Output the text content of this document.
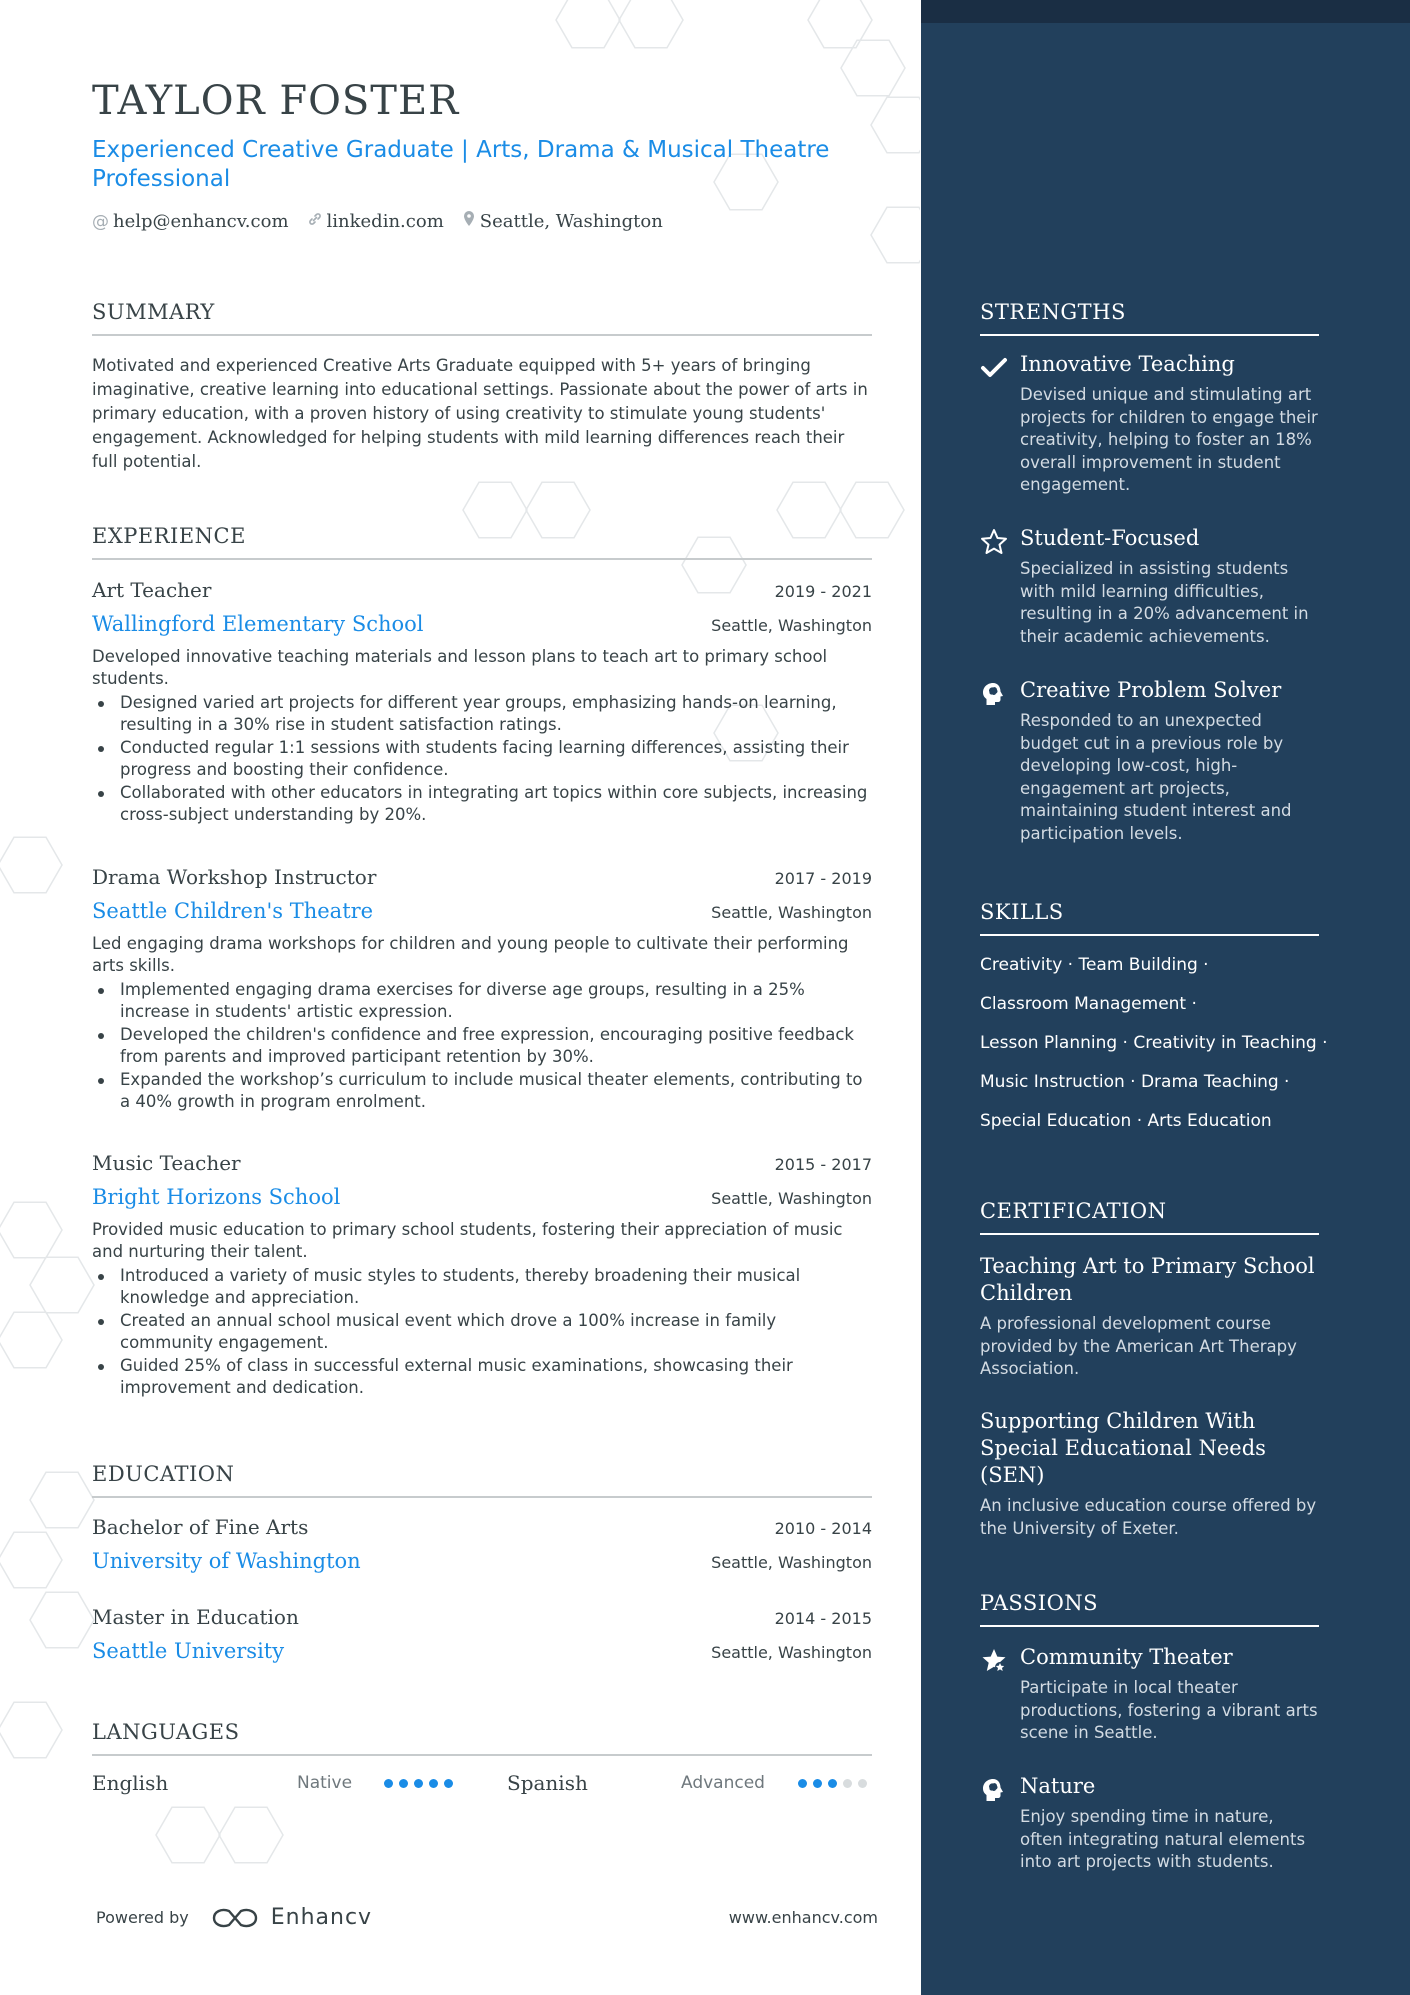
TAYLOR FOSTER
Experienced Creative Graduate | Arts, Drama & Musical Theatre Professional
@ help@enhancv.com linkedin.com Seattle, Washington
SUMMARY
Motivated and experienced Creative Arts Graduate equipped with 5+ years of bringing imaginative, creative learning into educational settings. Passionate about the power of arts in primary education, with a proven history of using creativity to stimulate young students' engagement. Acknowledged for helping students with mild learning differences reach their full potential.
EXPERIENCE
Art Teacher	2019 - 2021
Wallingford Elementary School	Seattle, Washington
Developed innovative teaching materials and lesson plans to teach art to primary school students.
Designed varied art projects for different year groups, emphasizing hands-on learning, resulting in a 30% rise in student satisfaction ratings.
Conducted regular 1:1 sessions with students facing learning differences, assisting their progress and boosting their confidence.
Collaborated with other educators in integrating art topics within core subjects, increasing cross-subject understanding by 20%.
Drama Workshop Instructor	2017 - 2019
Seattle Children's Theatre	Seattle, Washington
Led engaging drama workshops for children and young people to cultivate their performing arts skills.
Implemented engaging drama exercises for diverse age groups, resulting in a 25% increase in students' artistic expression.
Developed the children's confidence and free expression, encouraging positive feedback from parents and improved participant retention by 30%.
Expanded the workshop’s curriculum to include musical theater elements, contributing to a 40% growth in program enrolment.
Music Teacher	2015 - 2017
Bright Horizons School	Seattle, Washington
Provided music education to primary school students, fostering their appreciation of music and nurturing their talent.
Introduced a variety of music styles to students, thereby broadening their musical knowledge and appreciation.
Created an annual school musical event which drove a 100% increase in family community engagement.
Guided 25% of class in successful external music examinations, showcasing their improvement and dedication.
EDUCATION
Bachelor of Fine Arts	2010 - 2014
University of Washington	Seattle, Washington
Master in Education	2014 - 2015
Seattle University	Seattle, Washington
LANGUAGES
English	Native	Spanish	Advanced
Powered by	Enhancv	www.enhancv.com
STRENGTHS
Innovative Teaching
Devised unique and stimulating art projects for children to engage their creativity, helping to foster an 18% overall improvement in student engagement.
Student-Focused
Specialized in assisting students with mild learning difficulties, resulting in a 20% advancement in their academic achievements.
Creative Problem Solver
Responded to an unexpected budget cut in a previous role by developing low-cost, high-engagement art projects, maintaining student interest and participation levels.
SKILLS
Creativity · Team Building ·
Classroom Management ·
Lesson Planning · Creativity in Teaching ·
Music Instruction · Drama Teaching ·
Special Education · Arts Education
CERTIFICATION
Teaching Art to Primary School Children
A professional development course provided by the American Art Therapy Association.
Supporting Children With Special Educational Needs (SEN)
An inclusive education course offered by the University of Exeter.
PASSIONS
Community Theater
Participate in local theater productions, fostering a vibrant arts scene in Seattle.
Nature
Enjoy spending time in nature, often integrating natural elements into art projects with students.
